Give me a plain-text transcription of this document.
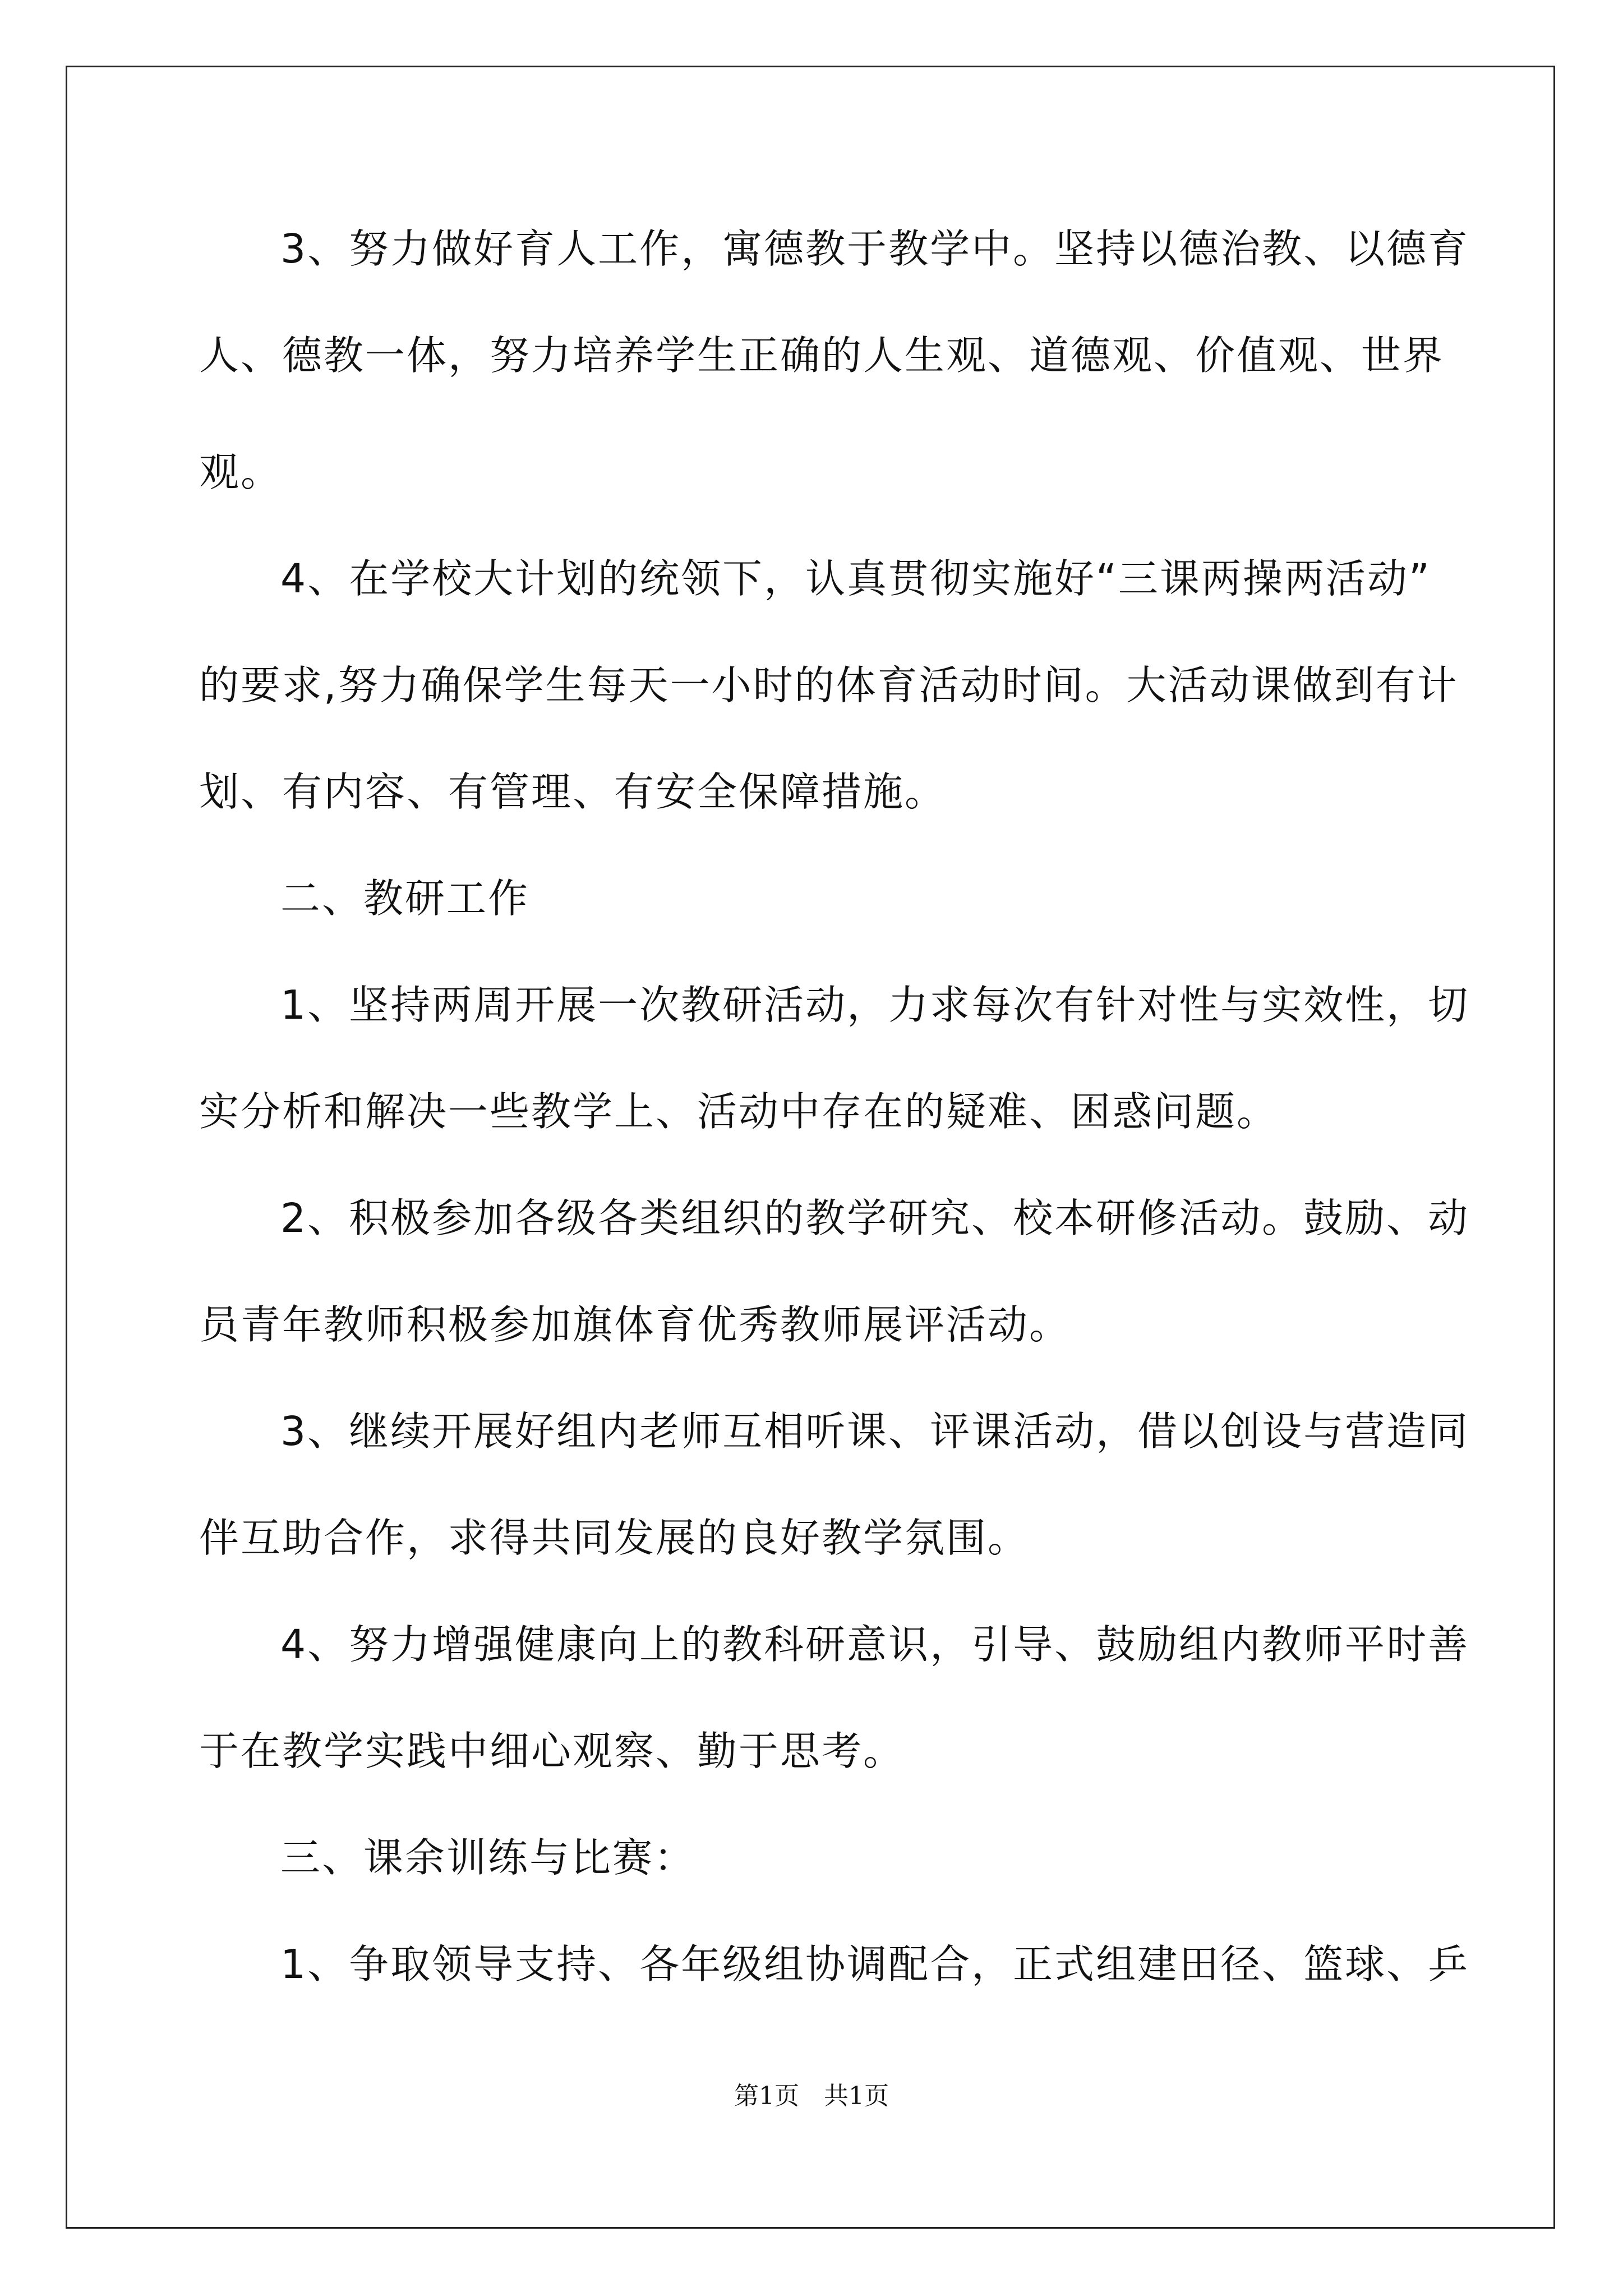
3、努力做好育人工作，寓德教于教学中。坚持以德治教、以德育
人、德教一体，努力培养学生正确的人生观、道德观、价值观、世界
观。
4、在学校大计划的统领下，认真贯彻实施好“三课两操两活动”
的要求,努力确保学生每天一小时的体育活动时间。大活动课做到有计
划、有内容、有管理、有安全保障措施。
二、教研工作
1、坚持两周开展一次教研活动，力求每次有针对性与实效性，切
实分析和解决一些教学上、活动中存在的疑难、困惑问题。
2、积极参加各级各类组织的教学研究、校本研修活动。鼓励、动
员青年教师积极参加旗体育优秀教师展评活动。
3、继续开展好组内老师互相听课、评课活动，借以创设与营造同
伴互助合作，求得共同发展的良好教学氛围。
4、努力增强健康向上的教科研意识，引导、鼓励组内教师平时善
于在教学实践中细心观察、勤于思考。
三、课余训练与比赛：
1、争取领导支持、各年级组协调配合，正式组建田径、篮球、乒
第1页　共1页
